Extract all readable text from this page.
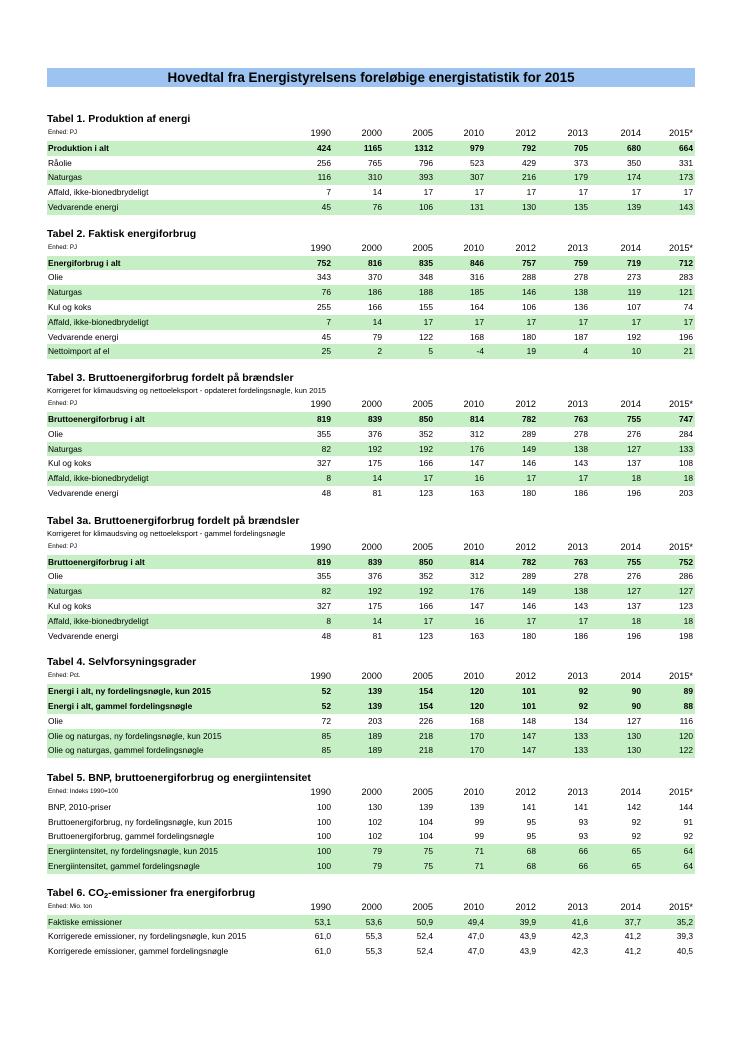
Hovedtal fra Energistyrelsens foreløbige energistatistik for 2015
Tabel 1. Produktion af energi
Enhed: PJ	1990	2000	2005	2010	2012	2013	2014	2015*
Produktion i alt	424	1165	1312	979	792	705	680	664
Råolie	256	765	796	523	429	373	350	331
Naturgas	116	310	393	307	216	179	174	173
Affald, ikke-bionedbrydeligt	7	14	17	17	17	17	17	17
Vedvarende energi	45	76	106	131	130	135	139	143
Tabel 2. Faktisk energiforbrug
Enhed: PJ	1990	2000	2005	2010	2012	2013	2014	2015*
Energiforbrug i alt	752	816	835	846	757	759	719	712
Olie	343	370	348	316	288	278	273	283
Naturgas	76	186	188	185	146	138	119	121
Kul og koks	255	166	155	164	106	136	107	74
Affald, ikke-bionedbrydeligt	7	14	17	17	17	17	17	17
Vedvarende energi	45	79	122	168	180	187	192	196
Nettoimport af el	25	2	5	-4	19	4	10	21
Tabel 3. Bruttoenergiforbrug fordelt på brændsler
Korrigeret for klimaudsving og nettoeleksport - opdateret fordelingsnøgle, kun 2015
Enhed: PJ	1990	2000	2005	2010	2012	2013	2014	2015*
Bruttoenergiforbrug i alt	819	839	850	814	782	763	755	747
Olie	355	376	352	312	289	278	276	284
Naturgas	82	192	192	176	149	138	127	133
Kul og koks	327	175	166	147	146	143	137	108
Affald, ikke-bionedbrydeligt	8	14	17	16	17	17	18	18
Vedvarende energi	48	81	123	163	180	186	196	203
Tabel 3a. Bruttoenergiforbrug fordelt på brændsler
Korrigeret for klimaudsving og nettoeleksport - gammel fordelingsnøgle
Enhed: PJ	1990	2000	2005	2010	2012	2013	2014	2015*
Bruttoenergiforbrug i alt	819	839	850	814	782	763	755	752
Olie	355	376	352	312	289	278	276	286
Naturgas	82	192	192	176	149	138	127	127
Kul og koks	327	175	166	147	146	143	137	123
Affald, ikke-bionedbrydeligt	8	14	17	16	17	17	18	18
Vedvarende energi	48	81	123	163	180	186	196	198
Tabel 4. Selvforsyningsgrader
Enhed: Pct.	1990	2000	2005	2010	2012	2013	2014	2015*
Energi i alt, ny fordelingsnøgle, kun 2015	52	139	154	120	101	92	90	89
Energi i alt, gammel fordelingsnøgle	52	139	154	120	101	92	90	88
Olie	72	203	226	168	148	134	127	116
Olie og naturgas, ny fordelingsnøgle, kun 2015	85	189	218	170	147	133	130	120
Olie og naturgas, gammel fordelingsnøgle	85	189	218	170	147	133	130	122
Tabel 5. BNP, bruttoenergiforbrug og energiintensitet
Enhed: Indeks 1990=100	1990	2000	2005	2010	2012	2013	2014	2015*
BNP, 2010-priser	100	130	139	139	141	141	142	144
Bruttoenergiforbrug, ny fordelingsnøgle, kun 2015	100	102	104	99	95	93	92	91
Bruttoenergiforbrug, gammel fordelingsnøgle	100	102	104	99	95	93	92	92
Energiintensitet, ny fordelingsnøgle, kun 2015	100	79	75	71	68	66	65	64
Energiintensitet, gammel fordelingsnøgle	100	79	75	71	68	66	65	64
Tabel 6. $CO_2$-emissioner fra energiforbrug
Enhed: Mio. ton	1990	2000	2005	2010	2012	2013	2014	2015*
Faktiske emissioner	53,1	53,6	50,9	49,4	39,9	41,6	37,7	35,2
Korrigerede emissioner, ny fordelingsnøgle, kun 2015	61,0	55,3	52,4	47,0	43,9	42,3	41,2	39,3
Korrigerede emissioner, gammel fordelingsnøgle	61,0	55,3	52,4	47,0	43,9	42,3	41,2	40,5
